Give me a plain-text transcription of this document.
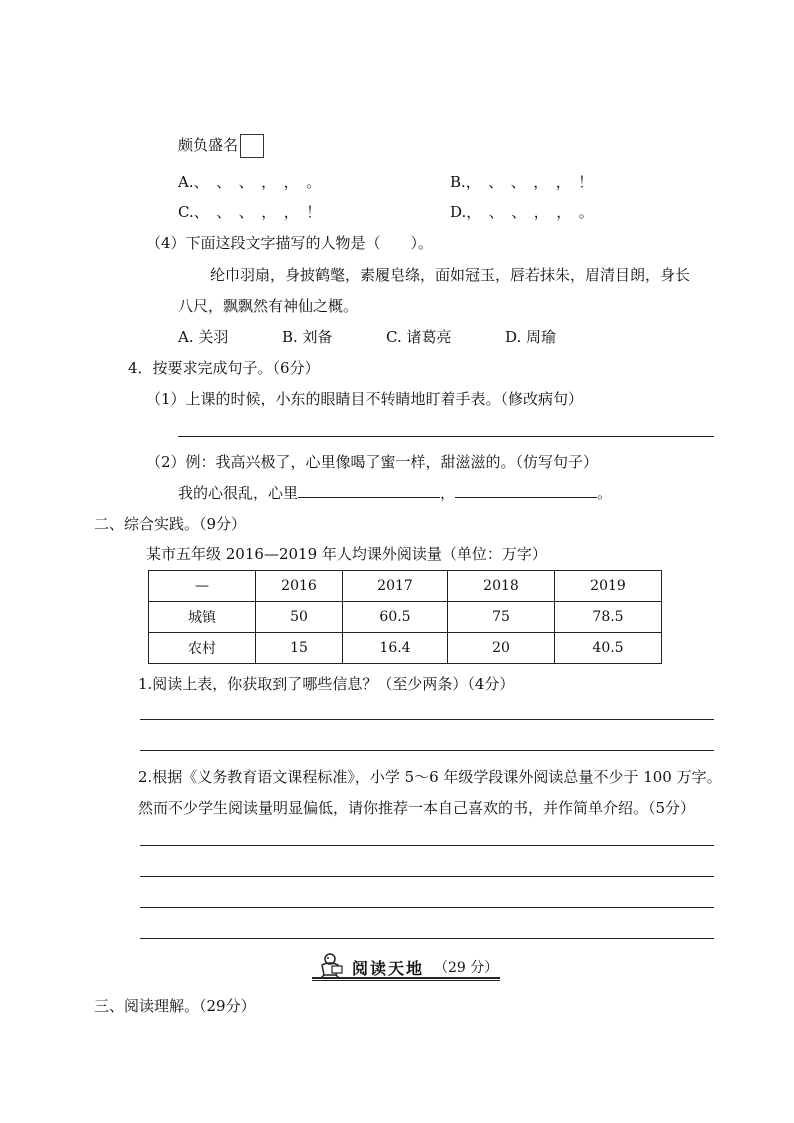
颇负盛名
A.、　、　、　，　，　。	B.，　、　、　，　，　！
C.、　、　、　，　，　！	D.，　、　、　，　，　。
（4）下面这段文字描写的人物是（　　）。
纶巾羽扇，身披鹤氅，素履皂绦，面如冠玉，唇若抹朱，眉清目朗，身长
八尺，飘飘然有神仙之概。
A. 关羽	B. 刘备	C. 诸葛亮	D. 周瑜
4．按要求完成句子。（6分）
（1）上课的时候，小东的眼睛目不转睛地盯着手表。（修改病句）
（2）例：我高兴极了，心里像喝了蜜一样，甜滋滋的。（仿写句子）
我的心很乱，心里	，	。
二、综合实践。（9分）
某市五年级 2016—2019 年人均课外阅读量（单位：万字）
—	2016	2017	2018	2019
城镇	50	60.5	75	78.5
农村	15	16.4	20	40.5
1.阅读上表，你获取到了哪些信息？（至少两条）（4分）
2.根据《义务教育语文课程标准》，小学 5～6 年级学段课外阅读总量不少于 100 万字。
然而不少学生阅读量明显偏低，请你推荐一本自己喜欢的书，并作简单介绍。（5分）
阅读天地 （29 分）
三、阅读理解。（29分）
